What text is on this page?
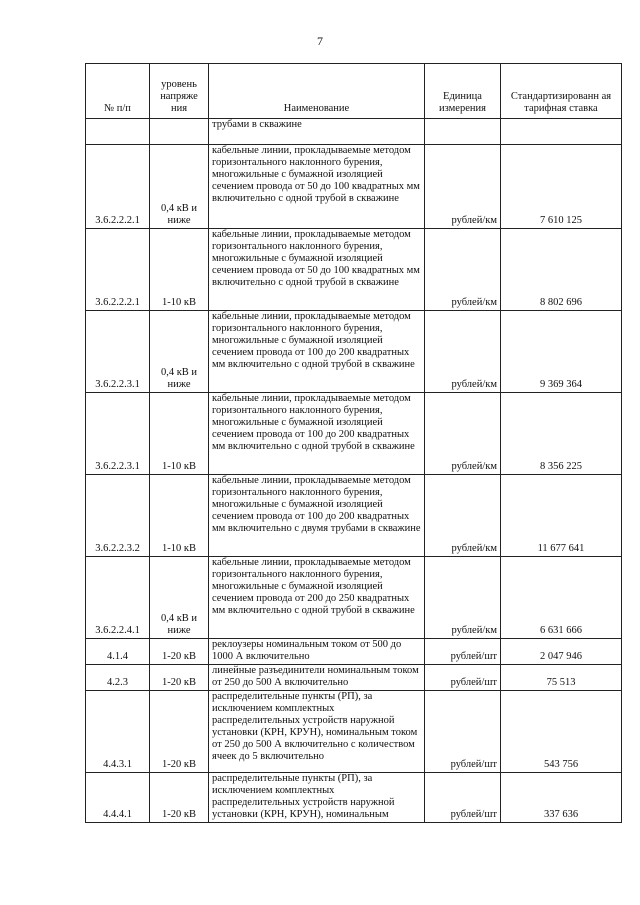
7
№ п/п	уровень напряже ния	Наименование	Единица измерения	Стандартизированн ая тарифная ставка
		трубами в скважине		
3.6.2.2.2.1	0,4 кВ и ниже	кабельные линии, прокладываемые методом горизонтального наклонного бурения, многожильные с бумажной изоляцией сечением провода от 50 до 100 квадратных мм включительно с одной трубой в скважине	рублей/км	7 610 125
3.6.2.2.2.1	1-10 кВ	кабельные линии, прокладываемые методом горизонтального наклонного бурения, многожильные с бумажной изоляцией сечением провода от 50 до 100 квадратных мм включительно с одной трубой в скважине	рублей/км	8 802 696
3.6.2.2.3.1	0,4 кВ и ниже	кабельные линии, прокладываемые методом горизонтального наклонного бурения, многожильные с бумажной изоляцией сечением провода от 100 до 200 квадратных мм включительно с одной трубой в скважине	рублей/км	9 369 364
3.6.2.2.3.1	1-10 кВ	кабельные линии, прокладываемые методом горизонтального наклонного бурения, многожильные с бумажной изоляцией сечением провода от 100 до 200 квадратных мм включительно с одной трубой в скважине	рублей/км	8 356 225
3.6.2.2.3.2	1-10 кВ	кабельные линии, прокладываемые методом горизонтального наклонного бурения, многожильные с бумажной изоляцией сечением провода от 100 до 200 квадратных мм включительно с двумя трубами в скважине	рублей/км	11 677 641
3.6.2.2.4.1	0,4 кВ и ниже	кабельные линии, прокладываемые методом горизонтального наклонного бурения, многожильные с бумажной изоляцией сечением провода от 200 до 250 квадратных мм включительно с одной трубой в скважине	рублей/км	6 631 666
4.1.4	1-20 кВ	реклоузеры номинальным током от 500 до 1000 А включительно	рублей/шт	2 047 946
4.2.3	1-20 кВ	линейные разъединители номинальным током от 250 до 500 А включительно	рублей/шт	75 513
4.4.3.1	1-20 кВ	распределительные пункты (РП), за исключением комплектных распределительных устройств наружной установки (КРН, КРУН), номинальным током от 250 до 500 А включительно с количеством ячеек до 5 включительно	рублей/шт	543 756
4.4.4.1	1-20 кВ	распределительные пункты (РП), за исключением комплектных распределительных устройств наружной установки (КРН, КРУН), номинальным	рублей/шт	337 636
